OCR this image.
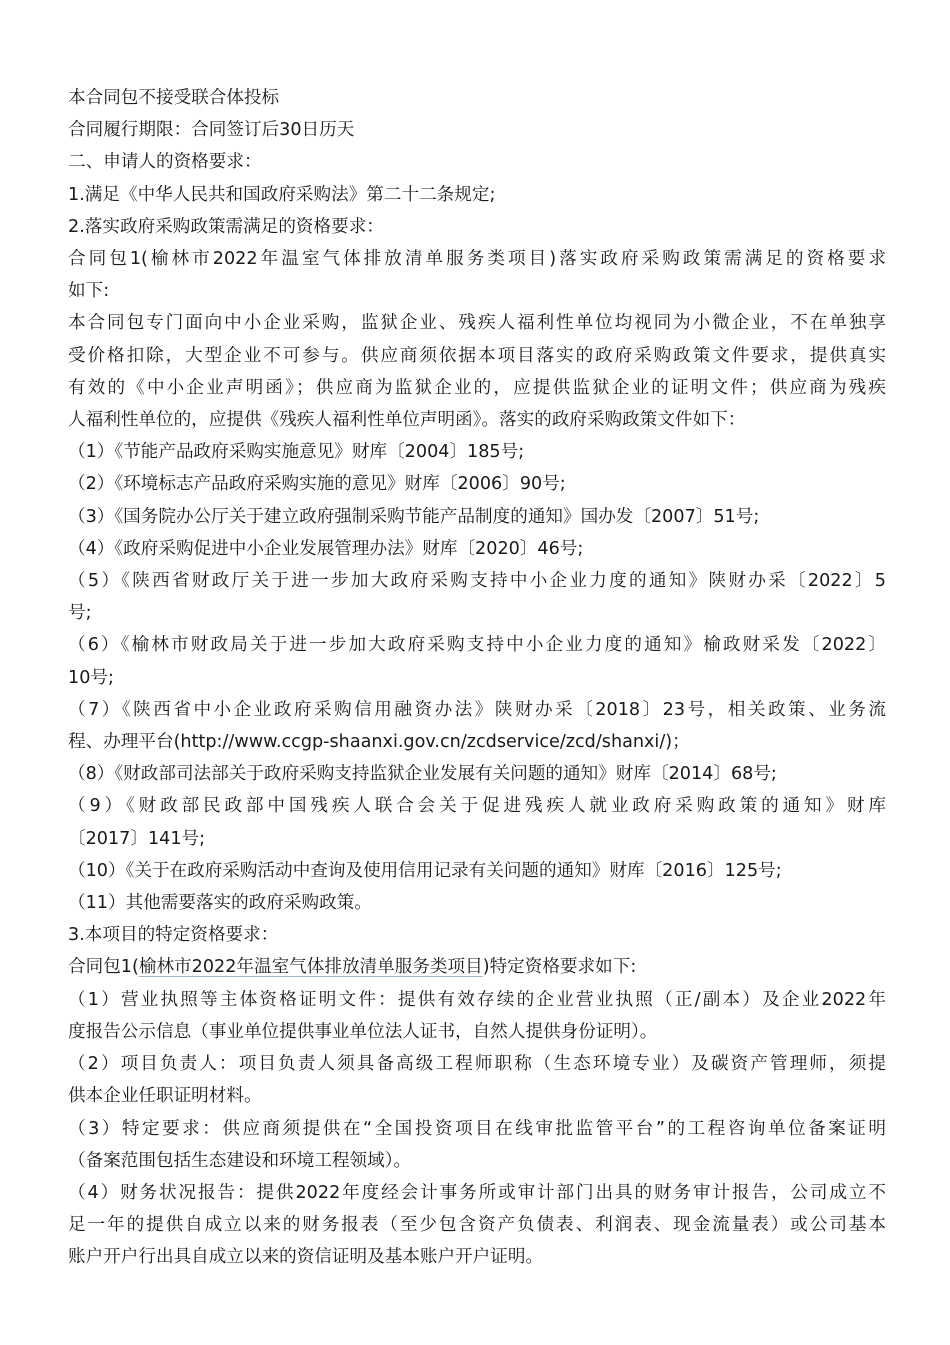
本合同包不接受联合体投标
合同履行期限：合同签订后30日历天
二、申请人的资格要求：
1.满足《中华人民共和国政府采购法》第二十二条规定;
2.落实政府采购政策需满足的资格要求：
合同包1(榆林市2022年温室气体排放清单服务类项目)落实政府采购政策需满足的资格要求
如下:
本合同包专门面向中小企业采购，监狱企业、残疾人福利性单位均视同为小微企业，不在单独享
受价格扣除，大型企业不可参与。供应商须依据本项目落实的政府采购政策文件要求，提供真实
有效的《中小企业声明函》；供应商为监狱企业的，应提供监狱企业的证明文件；供应商为残疾
人福利性单位的，应提供《残疾人福利性单位声明函》。落实的政府采购政策文件如下：
（1）《节能产品政府采购实施意见》财库〔2004〕185号;
（2）《环境标志产品政府采购实施的意见》财库〔2006〕90号;
（3）《国务院办公厅关于建立政府强制采购节能产品制度的通知》国办发〔2007〕51号;
（4）《政府采购促进中小企业发展管理办法》财库〔2020〕46号;
（5）《陕西省财政厅关于进一步加大政府采购支持中小企业力度的通知》陕财办采〔2022〕5
号;
（6）《榆林市财政局关于进一步加大政府采购支持中小企业力度的通知》榆政财采发〔2022〕
10号;
（7）《陕西省中小企业政府采购信用融资办法》陕财办采〔2018〕23号，相关政策、业务流
程、办理平台(http://www.ccgp-shaanxi.gov.cn/zcdservice/zcd/shanxi/)；
（8）《财政部司法部关于政府采购支持监狱企业发展有关问题的通知》财库〔2014〕68号;
（9）《财政部民政部中国残疾人联合会关于促进残疾人就业政府采购政策的通知》财库
〔2017〕141号;
（10）《关于在政府采购活动中查询及使用信用记录有关问题的通知》财库〔2016〕125号;
（11）其他需要落实的政府采购政策。
3.本项目的特定资格要求：
合同包1(榆林市2022年温室气体排放清单服务类项目)特定资格要求如下:
（1）营业执照等主体资格证明文件：提供有效存续的企业营业执照（正/副本）及企业2022年
度报告公示信息（事业单位提供事业单位法人证书，自然人提供身份证明）。
（2）项目负责人：项目负责人须具备高级工程师职称（生态环境专业）及碳资产管理师，须提
供本企业任职证明材料。
（3）特定要求：供应商须提供在“全国投资项目在线审批监管平台”的工程咨询单位备案证明
（备案范围包括生态建设和环境工程领域）。
（4）财务状况报告：提供2022年度经会计事务所或审计部门出具的财务审计报告，公司成立不
足一年的提供自成立以来的财务报表（至少包含资产负债表、利润表、现金流量表）或公司基本
账户开户行出具自成立以来的资信证明及基本账户开户证明。
